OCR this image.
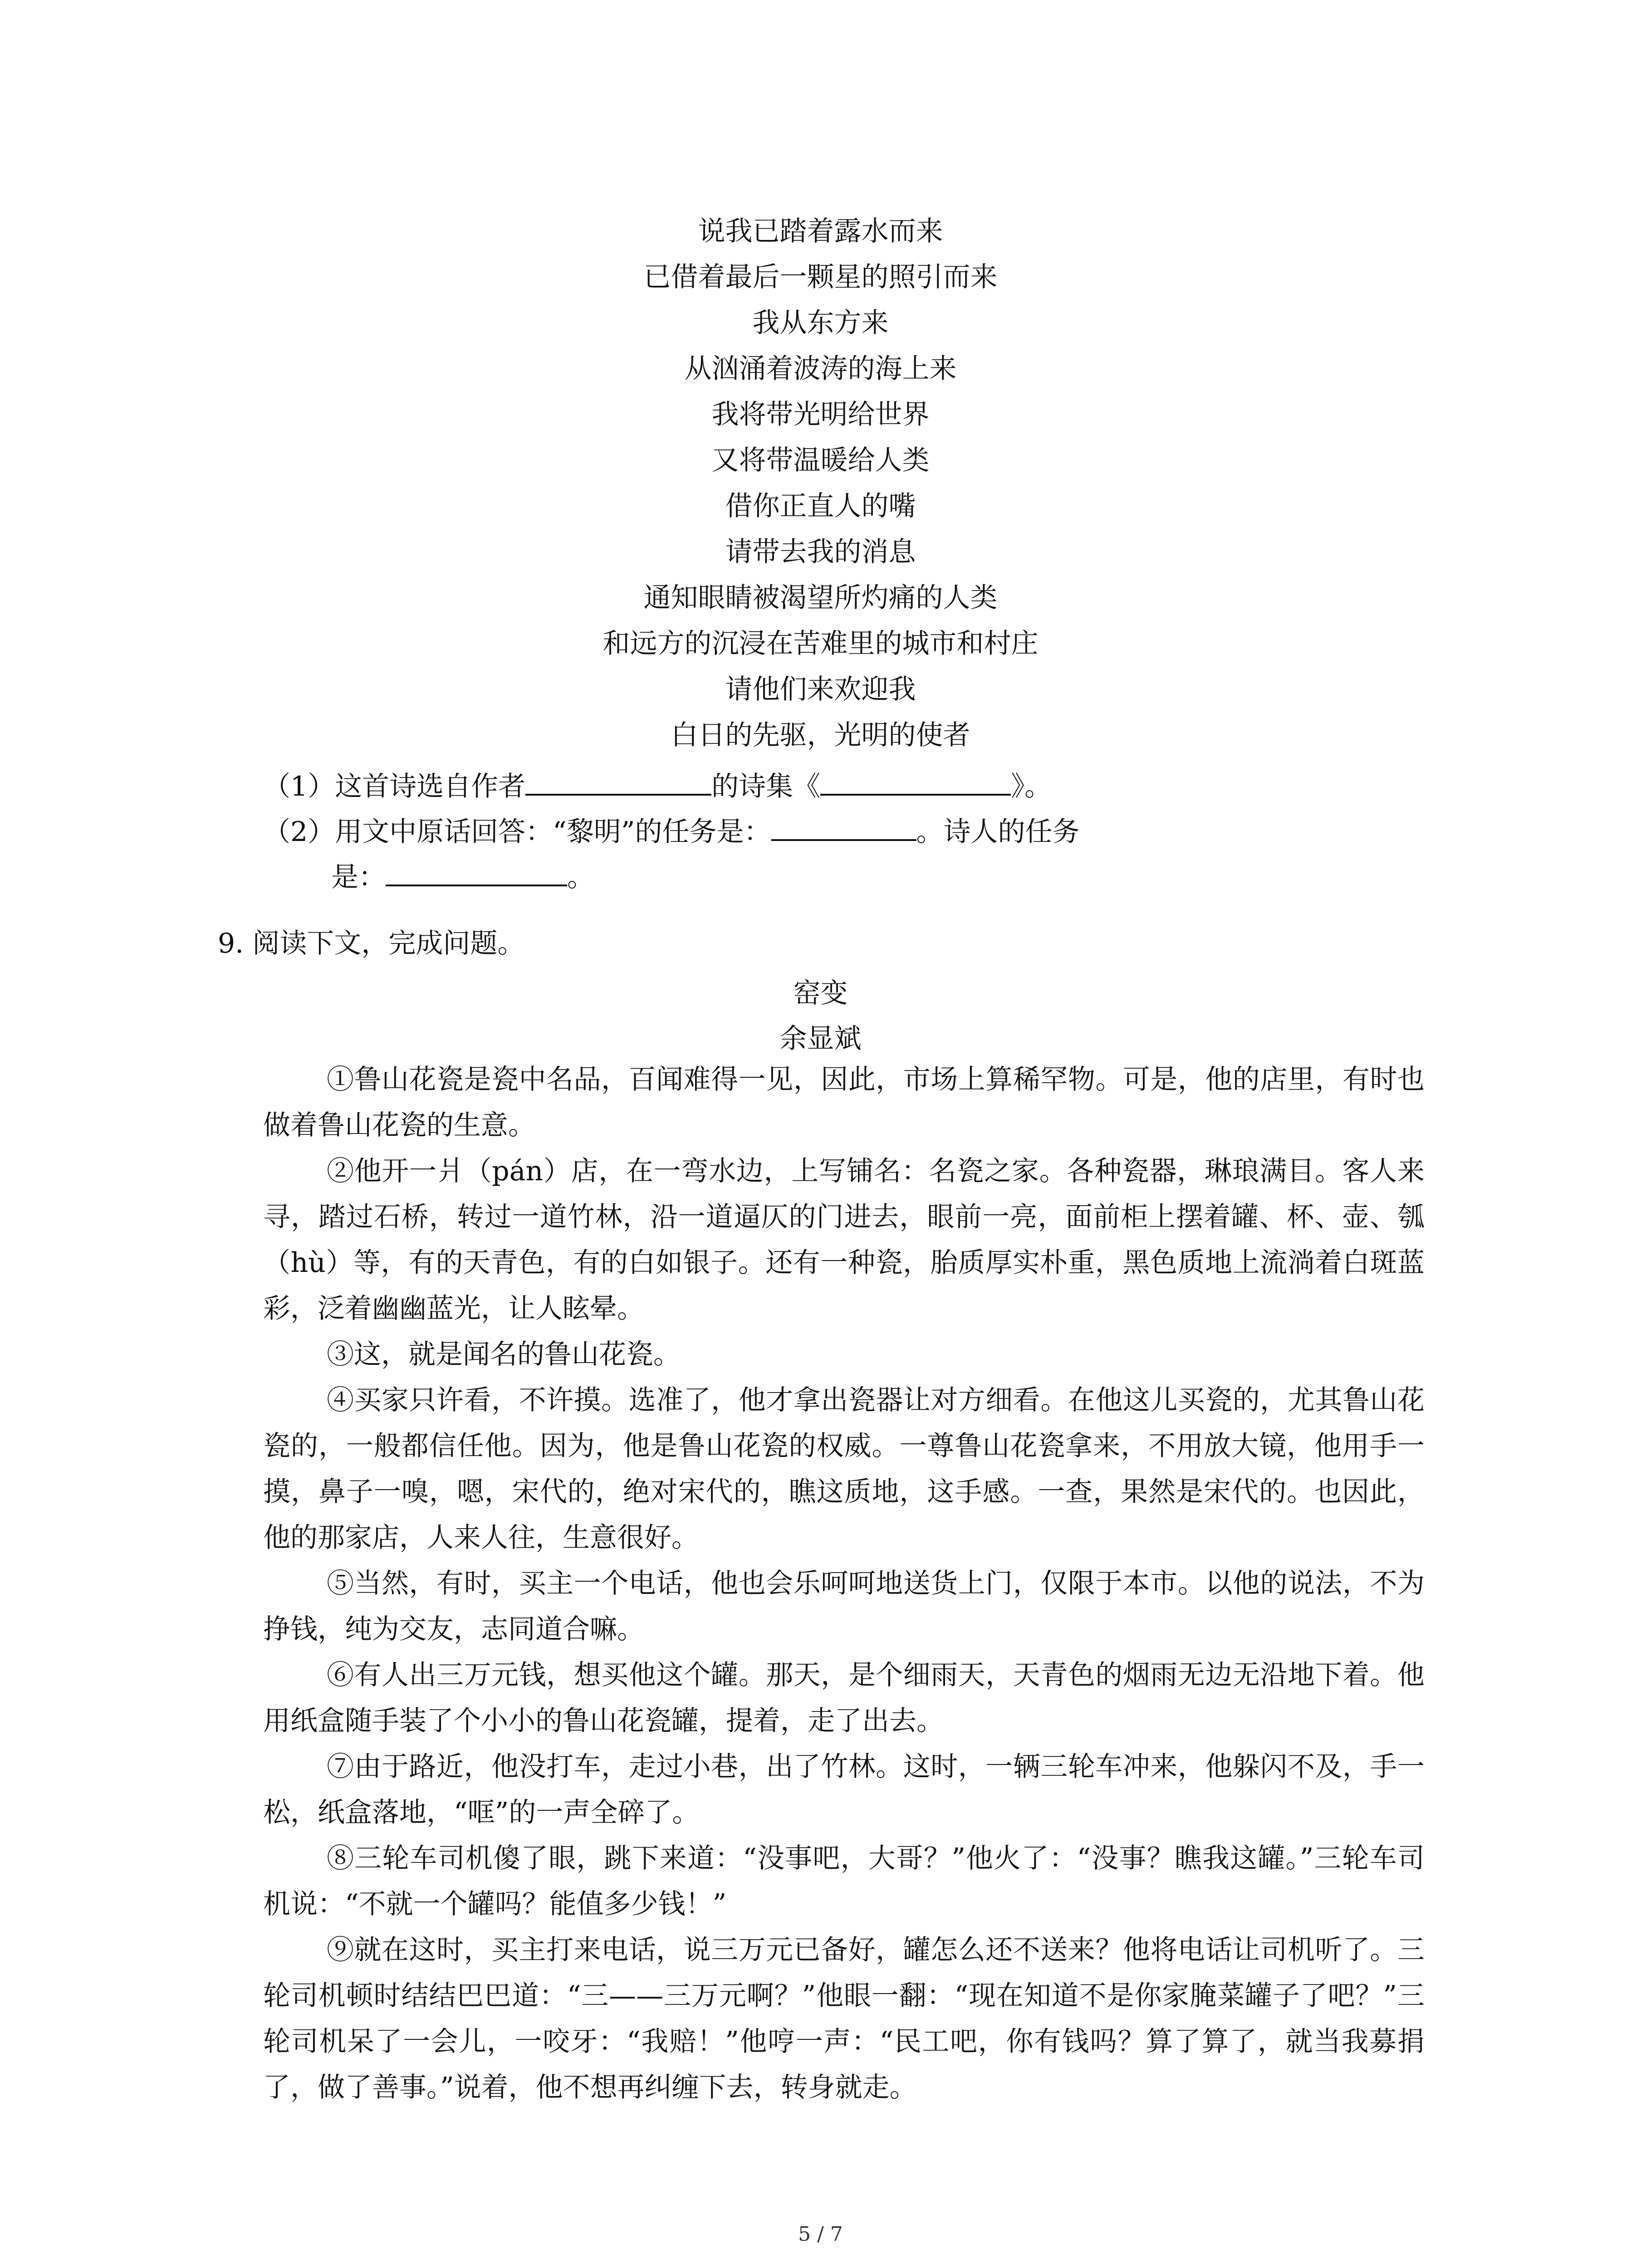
说我已踏着露水而来
已借着最后一颗星的照引而来
我从东方来
从汹涌着波涛的海上来
我将带光明给世界
又将带温暖给人类
借你正直人的嘴
请带去我的消息
通知眼睛被渴望所灼痛的人类
和远方的沉浸在苦难里的城市和村庄
请他们来欢迎我
白日的先驱，光明的使者
（1）这首诗选自作者	的诗集《	》。
（2）用文中原话回答：“黎明”的任务是：	。诗人的任务
是：	。
9. 阅读下文，完成问题。
窑变
余显斌

①鲁山花瓷是瓷中名品，百闻难得一见，因此，市场上算稀罕物。可是，他的店里，有时也做着鲁山花瓷的生意。

②他开一爿（pán）店，在一弯水边，上写铺名：名瓷之家。各种瓷器，琳琅满目。客人来寻，踏过石桥，转过一道竹林，沿一道逼仄的门进去，眼前一亮，面前柜上摆着罐、杯、壶、瓠（hù）等，有的天青色，有的白如银子。还有一种瓷，胎质厚实朴重，黑色质地上流淌着白斑蓝彩，泛着幽幽蓝光，让人眩晕。

③这，就是闻名的鲁山花瓷。

④买家只许看，不许摸。选准了，他才拿出瓷器让对方细看。在他这儿买瓷的，尤其鲁山花瓷的，一般都信任他。因为，他是鲁山花瓷的权威。一尊鲁山花瓷拿来，不用放大镜，他用手一摸，鼻子一嗅，嗯，宋代的，绝对宋代的，瞧这质地，这手感。一查，果然是宋代的。也因此，他的那家店，人来人往，生意很好。

⑤当然，有时，买主一个电话，他也会乐呵呵地送货上门，仅限于本市。以他的说法，不为挣钱，纯为交友，志同道合嘛。

⑥有人出三万元钱，想买他这个罐。那天，是个细雨天，天青色的烟雨无边无沿地下着。他用纸盒随手装了个小小的鲁山花瓷罐，提着，走了出去。

⑦由于路近，他没打车，走过小巷，出了竹林。这时，一辆三轮车冲来，他躲闪不及，手一松，纸盒落地，“哐”的一声全碎了。

⑧三轮车司机傻了眼，跳下来道：“没事吧，大哥？”他火了：“没事？瞧我这罐。”三轮车司机说：“不就一个罐吗？能值多少钱！”

⑨就在这时，买主打来电话，说三万元已备好，罐怎么还不送来？他将电话让司机听了。三轮司机顿时结结巴巴道：“三——三万元啊？”他眼一翻：“现在知道不是你家腌菜罐子了吧？”三轮司机呆了一会儿，一咬牙：“我赔！”他哼一声：“民工吧，你有钱吗？算了算了，就当我募捐了，做了善事。”说着，他不想再纠缠下去，转身就走。

5 / 7
